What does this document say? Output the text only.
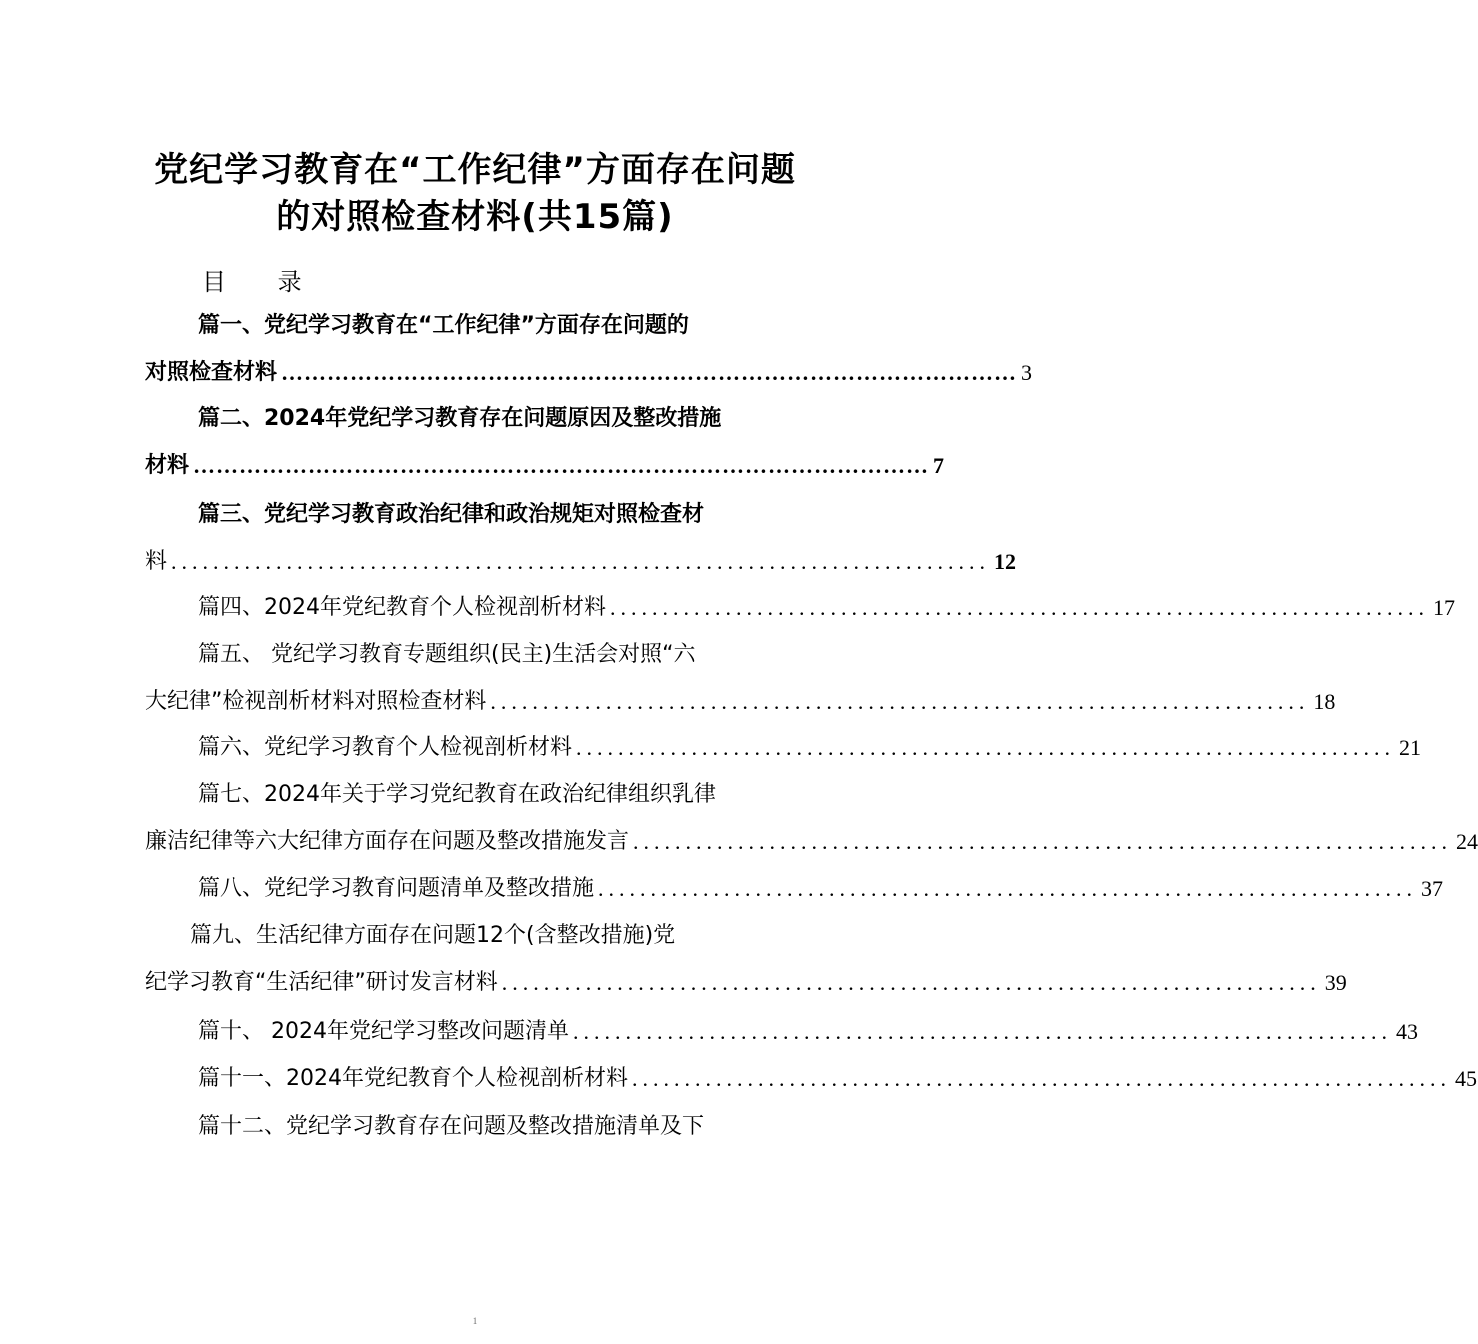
党纪学习教育在“工作纪律”方面存在问题
的对照检查材料(共15篇)
目 录
篇一、党纪学习教育在“工作纪律”方面存在问题的
对照检查材料 …………………………………………………………………………………… 3
篇二、2024年党纪学习教育存在问题原因及整改措施
材料 …………………………………………………………………………………… 7
篇三、党纪学习教育政治纪律和政治规矩对照检查材
料 .............................................................................. 12
篇四、2024年党纪教育个人检视剖析材料 .............................................................................. 17
篇五、 党纪学习教育专题组织(民主)生活会对照“六
大纪律”检视剖析材料对照检查材料 .............................................................................. 18
篇六、党纪学习教育个人检视剖析材料 .............................................................................. 21
篇七、2024年关于学习党纪教育在政治纪律组织乳律
廉洁纪律等六大纪律方面存在问题及整改措施发言 .............................................................................. 24
篇八、党纪学习教育问题清单及整改措施 .............................................................................. 37
篇九、生活纪律方面存在问题12个(含整改措施)党
纪学习教育“生活纪律”研讨发言材料 .............................................................................. 39
篇十、 2024年党纪学习整改问题清单 .............................................................................. 43
篇十一、2024年党纪教育个人检视剖析材料 .............................................................................. 45
篇十二、党纪学习教育存在问题及整改措施清单及下
1
